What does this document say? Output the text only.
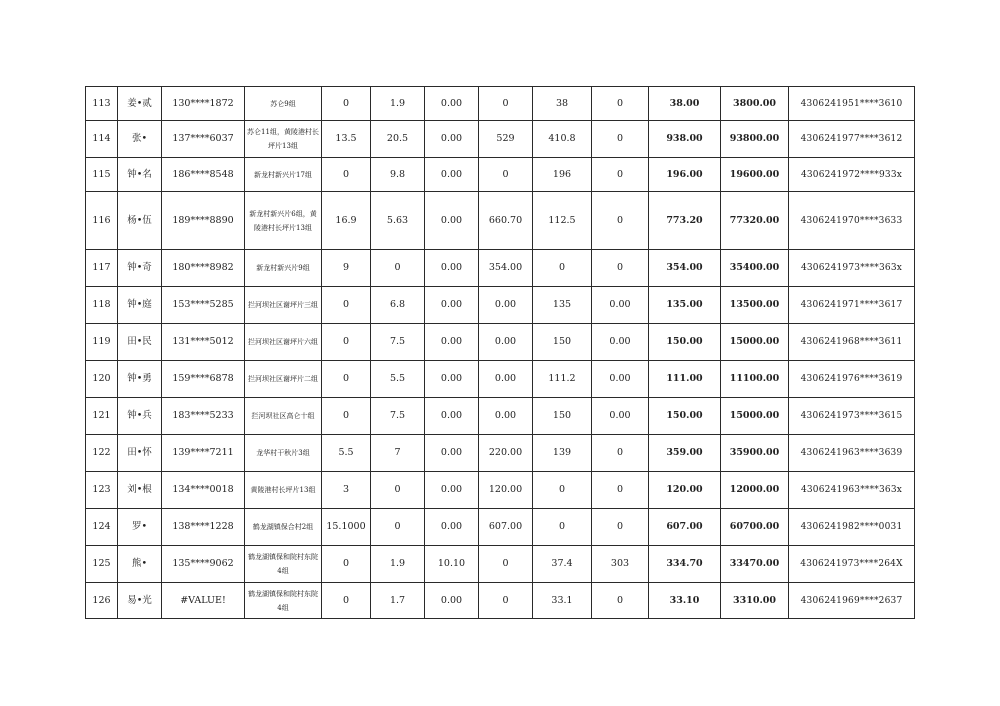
113	姜•贰	130****1872	苏仑9组	0	1.9	0.00	0	38	0	38.00	3800.00	4306241951****3610
114	张•	137****6037	苏仑11组，黄陵港村长坪片13组	13.5	20.5	0.00	529	410.8	0	938.00	93800.00	4306241977****3612
115	钟•名	186****8548	新龙村新兴片17组	0	9.8	0.00	0	196	0	196.00	19600.00	4306241972****933x
116	杨•伍	189****8890	新龙村新兴片6组，黄陵港村长坪片13组	16.9	5.63	0.00	660.70	112.5	0	773.20	77320.00	4306241970****3633
117	钟•奇	180****8982	新龙村新兴片9组	9	0	0.00	354.00	0	0	354.00	35400.00	4306241973****363x
118	钟•庭	153****5285	拦河坝社区谢坪片三组	0	6.8	0.00	0.00	135	0.00	135.00	13500.00	4306241971****3617
119	田•民	131****5012	拦河坝社区谢坪片六组	0	7.5	0.00	0.00	150	0.00	150.00	15000.00	4306241968****3611
120	钟•勇	159****6878	拦河坝社区谢坪片二组	0	5.5	0.00	0.00	111.2	0.00	111.00	11100.00	4306241976****3619
121	钟•兵	183****5233	拦河坝社区高仑十组	0	7.5	0.00	0.00	150	0.00	150.00	15000.00	4306241973****3615
122	田•怀	139****7211	龙华村干秋片3组	5.5	7	0.00	220.00	139	0	359.00	35900.00	4306241963****3639
123	刘•根	134****0018	黄陵港村长坪片13组	3	0	0.00	120.00	0	0	120.00	12000.00	4306241963****363x
124	罗•	138****1228	鹤龙湖镇保合村2组	15.1000	0	0.00	607.00	0	0	607.00	60700.00	4306241982****0031
125	熊•	135****9062	鹤龙湖镇保和院村东院4组	0	1.9	10.10	0	37.4	303	334.70	33470.00	4306241973****264X
126	易•光	#VALUE!	鹤龙湖镇保和院村东院4组	0	1.7	0.00	0	33.1	0	33.10	3310.00	4306241969****2637
